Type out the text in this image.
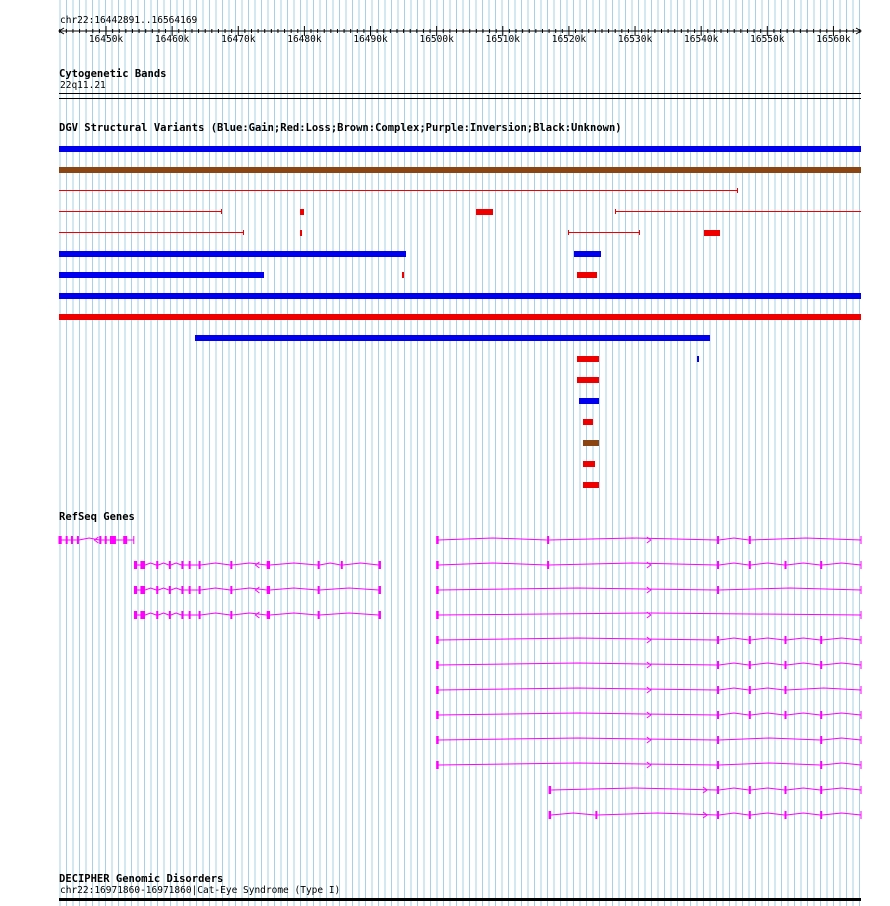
chr22:16442891..16564169
16450k	16460k	16470k	16480k	16490k	16500k	16510k	16520k	16530k	16540k	16550k	16560k
Cytogenetic Bands
22q11.21
DGV Structural Variants (Blue:Gain;Red:Loss;Brown:Complex;Purple:Inversion;Black:Unknown)
RefSeq Genes
DECIPHER Genomic Disorders
chr22:16971860-16971860|Cat-Eye Syndrome (Type I)
